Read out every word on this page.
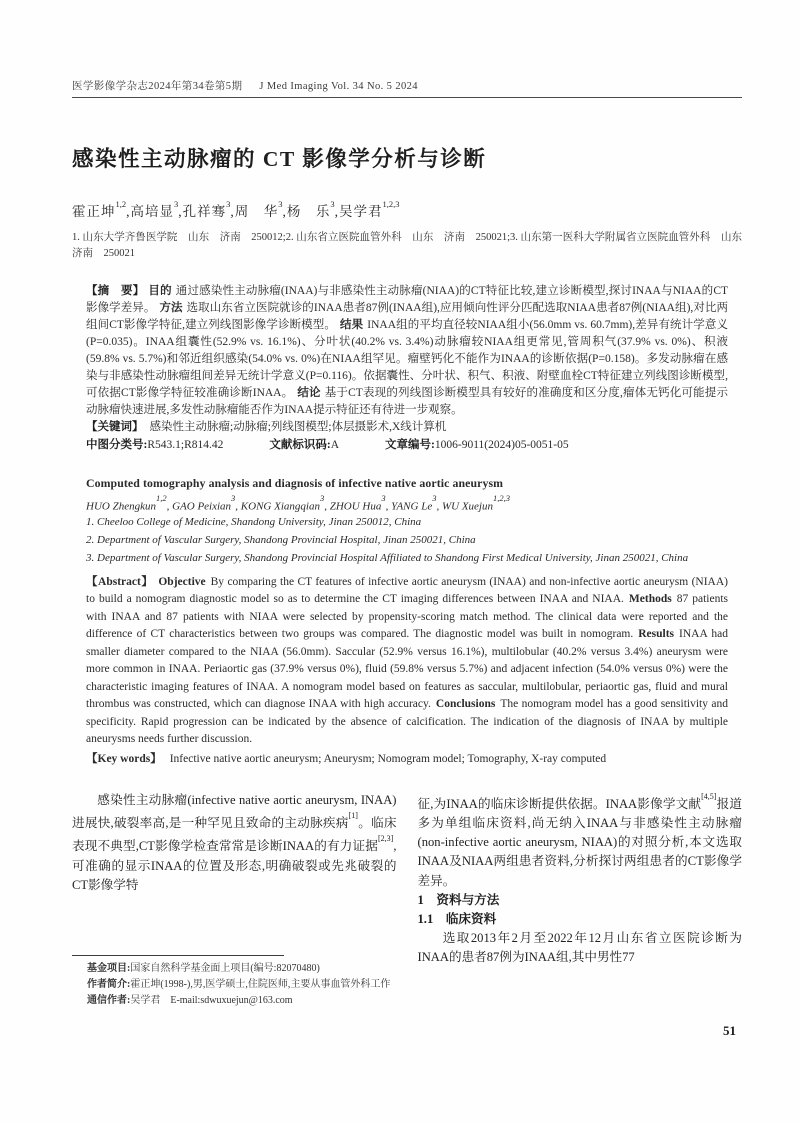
医学影像学杂志2024年第34卷第5期 J Med Imaging Vol. 34 No. 5 2024
感染性主动脉瘤的 CT 影像学分析与诊断

霍正坤$^{1,2}$,高培显$^3$,孔祥骞$^3$,周　华$^3$,杨　乐$^3$,吴学君$^{1,2,3}$

1. 山东大学齐鲁医学院　山东　济南　250012;2. 山东省立医院血管外科　山东　济南　250021;3. 山东第一医科大学附属省立医院血管外科　山东　济南　250021

【摘　要】 目的 通过感染性主动脉瘤(INAA)与非感染性主动脉瘤(NIAA)的CT特征比较,建立诊断模型,探讨INAA与NIAA的CT影像学差异。 方法 选取山东省立医院就诊的INAA患者87例(INAA组),应用倾向性评分匹配选取NIAA患者87例(NIAA组),对比两组间CT影像学特征,建立列线图影像学诊断模型。 结果 INAA组的平均直径较NIAA组小(56.0mm vs. 60.7mm),差异有统计学意义(P=0.035)。INAA组囊性(52.9% vs. 16.1%)、分叶状(40.2% vs. 3.4%)动脉瘤较NIAA组更常见,管周积气(37.9% vs. 0%)、积液(59.8% vs. 5.7%)和邻近组织感染(54.0% vs. 0%)在NIAA组罕见。瘤壁钙化不能作为INAA的诊断依据(P=0.158)。多发动脉瘤在感染与非感染性动脉瘤组间差异无统计学意义(P=0.116)。依据囊性、分叶状、积气、积液、附壁血栓CT特征建立列线图诊断模型,可依据CT影像学特征较准确诊断INAA。 结论 基于CT表现的列线图诊断模型具有较好的准确度和区分度,瘤体无钙化可能提示动脉瘤快速进展,多发性动脉瘤能否作为INAA提示特征还有待进一步观察。

【关键词】 感染性主动脉瘤;动脉瘤;列线图模型;体层摄影术,X线计算机

中图分类号:R543.1;R814.42	文献标识码:A	文章编号:1006-9011(2024)05-0051-05

Computed tomography analysis and diagnosis of infective native aortic aneurysm

HUO Zhengkun$^{1,2}$, GAO Peixian$^3$, KONG Xiangqian$^3$, ZHOU Hua$^3$, YANG Le$^3$, WU Xuejun$^{1,2,3}$

1. Cheeloo College of Medicine, Shandong University, Jinan 250012, China

2. Department of Vascular Surgery, Shandong Provincial Hospital, Jinan 250021, China

3. Department of Vascular Surgery, Shandong Provincial Hospital Affiliated to Shandong First Medical University, Jinan 250021, China

【Abstract】 Objective By comparing the CT features of infective aortic aneurysm (INAA) and non-infective aortic aneurysm (NIAA) to build a nomogram diagnostic model so as to determine the CT imaging differences between INAA and NIAA. Methods 87 patients with INAA and 87 patients with NIAA were selected by propensity-scoring match method. The clinical data were reported and the difference of CT characteristics between two groups was compared. The diagnostic model was built in nomogram. Results INAA had smaller diameter compared to the NIAA (56.0mm). Saccular (52.9% versus 16.1%), multilobular (40.2% versus 3.4%) aneurysm were more common in INAA. Periaortic gas (37.9% versus 0%), fluid (59.8% versus 5.7%) and adjacent infection (54.0% versus 0%) were the characteristic imaging features of INAA. A nomogram model based on features as saccular, multilobular, periaortic gas, fluid and mural thrombus was constructed, which can diagnose INAA with high accuracy. Conclusions The nomogram model has a good sensitivity and specificity. Rapid progression can be indicated by the absence of calcification. The indication of the diagnosis of INAA by multiple aneurysms needs further discussion.

【Key words】 Infective native aortic aneurysm; Aneurysm; Nomogram model; Tomography, X-ray computed

感染性主动脉瘤(infective native aortic aneurysm, INAA)进展快,破裂率高,是一种罕见且致命的主动脉疾病[1]。临床表现不典型,CT影像学检查常常是诊断INAA的有力证据[2,3],可准确的显示INAA的位置及形态,明确破裂或先兆破裂的CT影像学特

基金项目:国家自然科学基金面上项目(编号:82070480)

作者简介:霍正坤(1998-),男,医学硕士,住院医师,主要从事血管外科工作

通信作者:吴学君　E-mail:sdwuxuejun@163.com

征,为INAA的临床诊断提供依据。INAA影像学文献[4,5]报道多为单组临床资料,尚无纳入INAA与非感染性主动脉瘤(non-infective aortic aneurysm, NIAA)的对照分析,本文选取INAA及NIAA两组患者资料,分析探讨两组患者的CT影像学差异。

1　资料与方法

1.1　临床资料

选取2013年2月至2022年12月山东省立医院诊断为INAA的患者87例为INAA组,其中男性77

51
